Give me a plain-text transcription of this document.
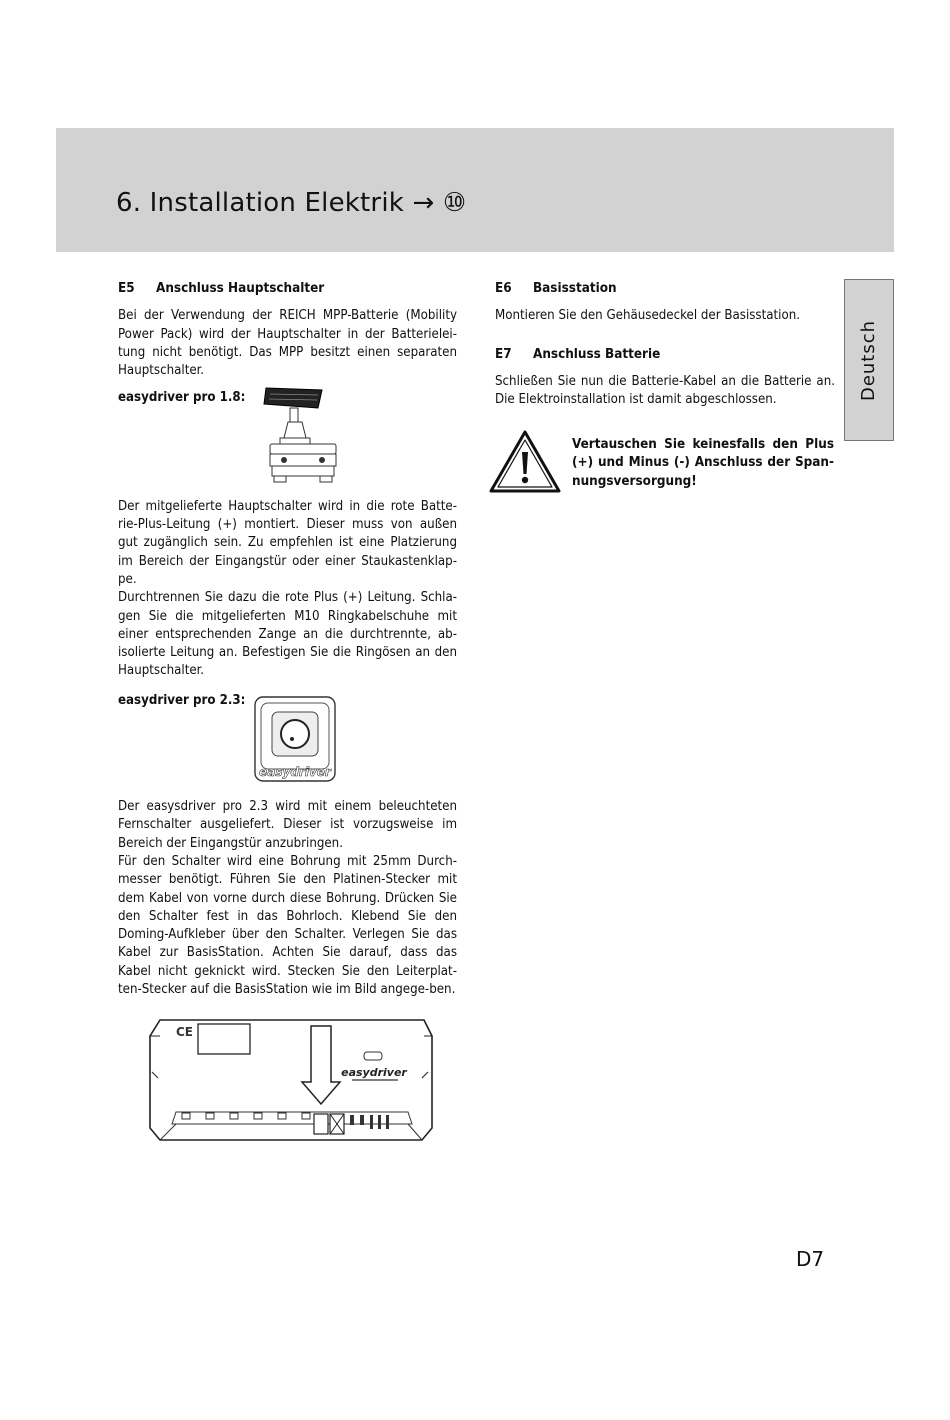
6. Installation Elektrik → ⑩
Deutsch
E5 Anschluss Hauptschalter

Bei der Verwendung der REICH MPP-Batterie (Mobility Power Pack) wird der Hauptschalter in der Batterielei-tung nicht benötigt. Das MPP besitzt einen separaten Hauptschalter.

easydriver pro 1.8:

Der mitgelieferte Hauptschalter wird in die rote Batte-rie-Plus-Leitung (+) montiert. Dieser muss von außen gut zugänglich sein. Zu empfehlen ist eine Platzierung im Bereich der Eingangstür oder einer Staukastenklap-pe.

Durchtrennen Sie dazu die rote Plus (+) Leitung. Schla-gen Sie die mitgelieferten M10 Ringkabelschuhe mit einer entsprechenden Zange an die durchtrennte, ab-isolierte Leitung an. Befestigen Sie die Ringösen an den Hauptschalter.

easydriver pro 2.3:

Der easysdriver pro 2.3 wird mit einem beleuchteten Fernschalter ausgeliefert. Dieser ist vorzugsweise im Bereich der Eingangstür anzubringen.

Für den Schalter wird eine Bohrung mit 25mm Durch-messer benötigt. Führen Sie den Platinen-Stecker mit dem Kabel von vorne durch diese Bohrung. Drücken Sie den Schalter fest in das Bohrloch. Klebend Sie den Doming-Aufkleber über den Schalter. Verlegen Sie das Kabel zur BasisStation. Achten Sie darauf, dass das Kabel nicht geknickt wird. Stecken Sie den Leiterplat-ten-Stecker auf die BasisStation wie im Bild angege-ben.

easydriver
CE
easydriver
E6 Basisstation

Montieren Sie den Gehäusedeckel der Basisstation.

E7 Anschluss Batterie

Schließen Sie nun die Batterie-Kabel an die Batterie an. Die Elektroinstallation ist damit abgeschlossen.

Vertauschen Sie keinesfalls den Plus (+) und Minus (-) Anschluss der Span-nungsversorgung!
D7
